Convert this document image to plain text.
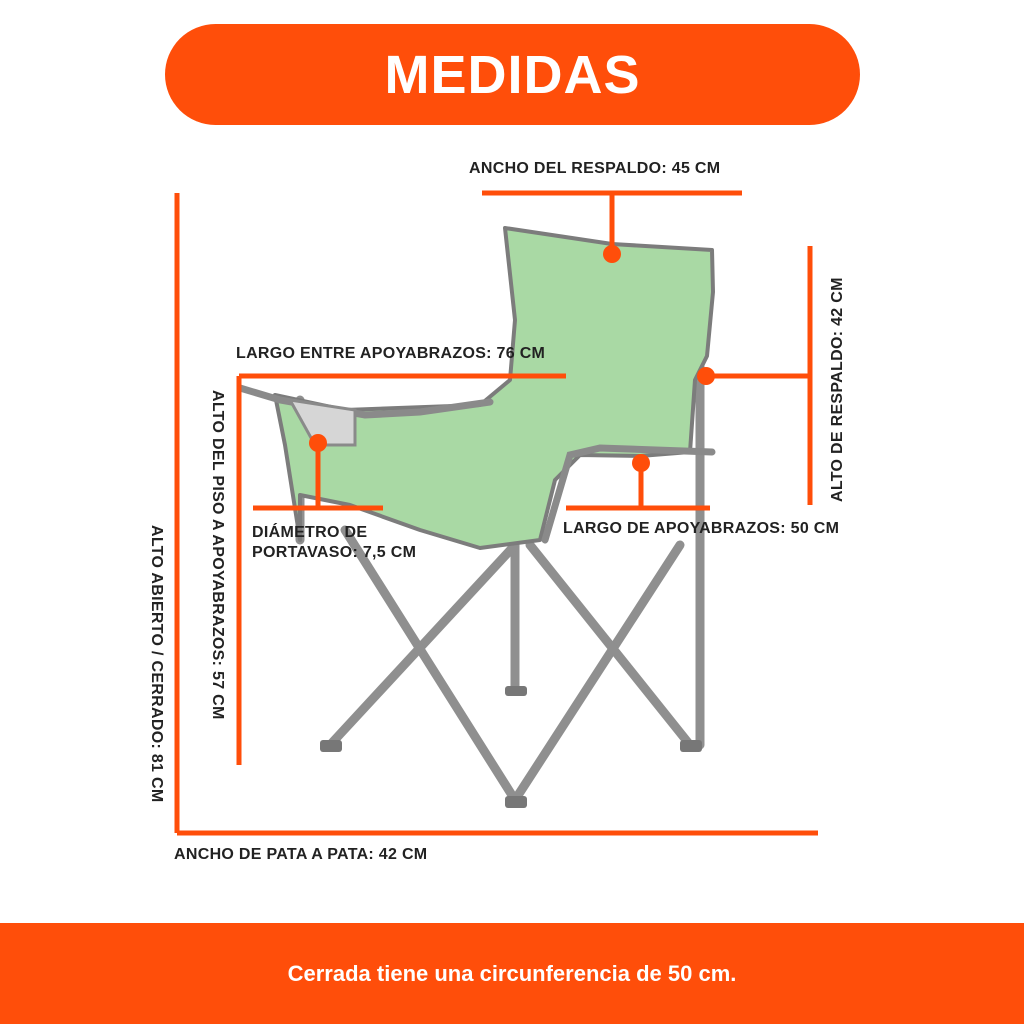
MEDIDAS
ANCHO DEL RESPALDO: 45 CM
LARGO ENTRE APOYABRAZOS: 76 CM
DIÁMETRO DE
PORTAVASO: 7,5 CM
LARGO DE APOYABRAZOS: 50 CM
ANCHO DE PATA A PATA: 42 CM
ALTO DE RESPALDO: 42 CM
ALTO DEL PISO A APOYABRAZOS: 57 CM
ALTO ABIERTO / CERRADO: 81 CM
Cerrada tiene una circunferencia de 50 cm.
